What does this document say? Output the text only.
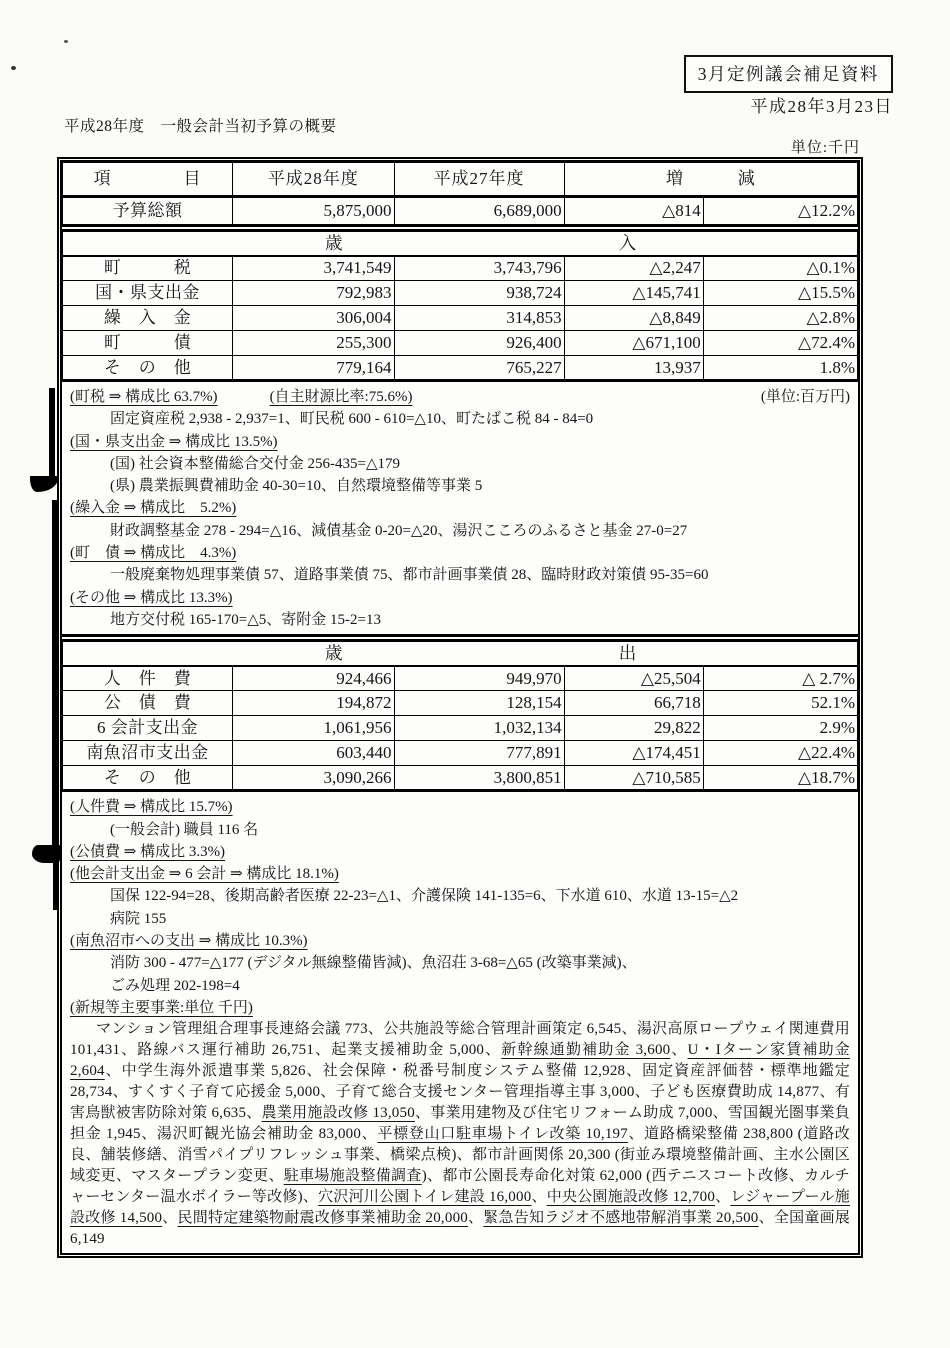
3月定例議会補足資料
平成28年3月23日
平成28年度　一般会計当初予算の概要
単位:千円
項　　　　目	平成28年度	平成27年度	増　　　減	
予算総額	5,875,000	6,689,000	△814	△12.2%
歳 入				

町　　　税	3,741,549	3,743,796	△2,247	△0.1%
国・県支出金	792,983	938,724	△145,741	△15.5%
繰　入　金	306,004	314,853	△8,849	△2.8%
町　　　債	255,300	926,400	△671,100	△72.4%
そ　の　他	779,164	765,227	13,937	1.8%
(町税 ⇒ 構成比 63.7%)	(自主財源比率:75.6%)	(単位:百万円)
固定資産税 2,938 - 2,937=1、町民税 600 - 610=△10、町たばこ税 84 - 84=0
(国・県支出金 ⇒ 構成比 13.5%)
(国) 社会資本整備総合交付金 256-435=△179
(県) 農業振興費補助金 40-30=10、自然環境整備等事業 5
(繰入金 ⇒ 構成比　5.2%)
財政調整基金 278 - 294=△16、減債基金 0-20=△20、湯沢こころのふるさと基金 27-0=27
(町　債 ⇒ 構成比　4.3%)
一般廃棄物処理事業債 57、道路事業債 75、都市計画事業債 28、臨時財政対策債 95-35=60
(その他 ⇒ 構成比 13.3%)
地方交付税 165-170=△5、寄附金 15-2=13
歳 出				

人　件　費	924,466	949,970	△25,504	△ 2.7%
公　債　費	194,872	128,154	66,718	52.1%
6 会計支出金	1,061,956	1,032,134	29,822	2.9%
南魚沼市支出金	603,440	777,891	△174,451	△22.4%
そ　の　他	3,090,266	3,800,851	△710,585	△18.7%
(人件費 ⇒ 構成比 15.7%)
(一般会計) 職員 116 名
(公債費 ⇒ 構成比 3.3%)
(他会計支出金 ⇒ 6 会計 ⇒ 構成比 18.1%)
国保 122-94=28、後期高齢者医療 22-23=△1、介護保険 141-135=6、下水道 610、水道 13-15=△2
病院 155
(南魚沼市への支出 ⇒ 構成比 10.3%)
消防 300 - 477=△177 (デジタル無線整備皆減)、魚沼荘 3-68=△65 (改築事業減)、
ごみ処理 202-198=4
(新規等主要事業:単位 千円)
マンション管理組合理事長連絡会議 773、公共施設等総合管理計画策定 6,545、湯沢高原ロープウェイ関連費用 101,431、路線バス運行補助 26,751、起業支援補助金 5,000、新幹線通勤補助金 3,600、U・Iターン家賃補助金 2,604、中学生海外派遣事業 5,826、社会保障・税番号制度システム整備 12,928、固定資産評価替・標準地鑑定 28,734、すくすく子育て応援金 5,000、子育て総合支援センター管理指導主事 3,000、子ども医療費助成 14,877、有害鳥獣被害防除対策 6,635、農業用施設改修 13,050、事業用建物及び住宅リフォーム助成 7,000、雪国観光圏事業負担金 1,945、湯沢町観光協会補助金 83,000、平標登山口駐車場トイレ改築 10,197、道路橋梁整備 238,800 (道路改良、舗装修繕、消雪パイプリフレッシュ事業、橋梁点検)、都市計画関係 20,300 (街並み環境整備計画、主水公園区域変更、マスタープラン変更、駐車場施設整備調査)、都市公園長寿命化対策 62,000 (西テニスコート改修、カルチャーセンター温水ボイラー等改修)、穴沢河川公園トイレ建設 16,000、中央公園施設改修 12,700、レジャープール施設改修 14,500、民間特定建築物耐震改修事業補助金 20,000、緊急告知ラジオ不感地帯解消事業 20,500、全国童画展 6,149
